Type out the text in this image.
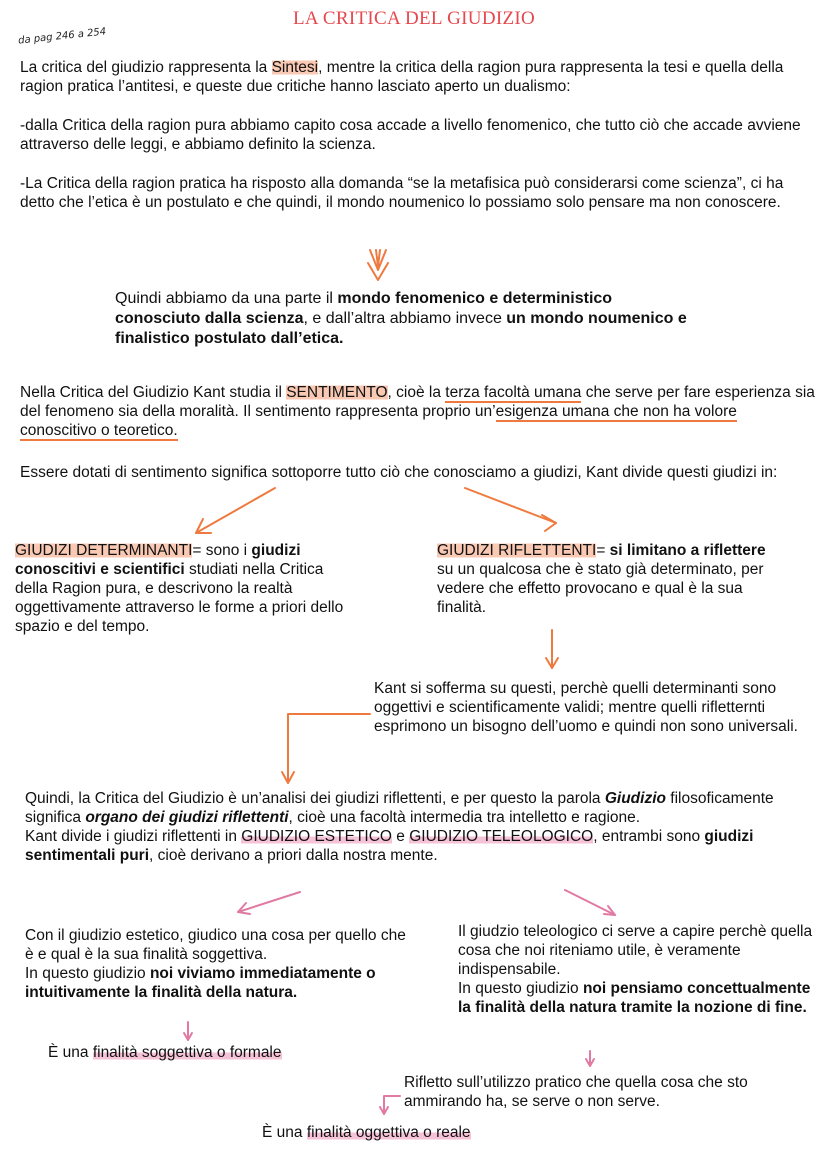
LA CRITICA DEL GIUDIZIO
da pag 246 a 254

La critica del giudizio rappresenta la Sintesi, mentre la critica della ragion pura rappresenta la tesi e quella della ragion pratica l’antitesi, e queste due critiche hanno lasciato aperto un dualismo:

-dalla Critica della ragion pura abbiamo capito cosa accade a livello fenomenico, che tutto ciò che accade avviene attraverso delle leggi, e abbiamo definito la scienza.

-La Critica della ragion pratica ha risposto alla domanda “se la metafisica può considerarsi come scienza”, ci ha detto che l’etica è un postulato e che quindi, il mondo noumenico lo possiamo solo pensare ma non conoscere.

Quindi abbiamo da una parte il mondo fenomenico e deterministico conosciuto dalla scienza, e dall’altra abbiamo invece un mondo noumenico e finalistico postulato dall’etica.
Nella Critica del Giudizio Kant studia il SENTIMENTO, cioè la terza facoltà umana che serve per fare esperienza sia del fenomeno sia della moralità. Il sentimento rappresenta proprio un’esigenza umana che non ha volore conoscitivo o teoretico.
Essere dotati di sentimento significa sottoporre tutto ciò che conosciamo a giudizi, Kant divide questi giudizi in:
GIUDIZI DETERMINANTI= sono i giudizi conoscitivi e scientifici studiati nella Critica della Ragion pura, e descrivono la realtà oggettivamente attraverso le forme a priori dello spazio e del tempo.
GIUDIZI RIFLETTENTI= si limitano a riflettere su un qualcosa che è stato già determinato, per vedere che effetto provocano e qual è la sua finalità.
Kant si sofferma su questi, perchè quelli determinanti sono oggettivi e scientificamente validi; mentre quelli rifletternti esprimono un bisogno dell’uomo e quindi non sono universali.
Quindi, la Critica del Giudizio è un’analisi dei giudizi riflettenti, e per questo la parola Giudizio filosoficamente significa organo dei giudizi riflettenti, cioè una facoltà intermedia tra intelletto e ragione.
Kant divide i giudizi riflettenti in GIUDIZIO ESTETICO e GIUDIZIO TELEOLOGICO, entrambi sono giudizi sentimentali puri, cioè derivano a priori dalla nostra mente.
Con il giudizio estetico, giudico una cosa per quello che è e qual è la sua finalità soggettiva.
In questo giudizio noi viviamo immediatamente o intuitivamente la finalità della natura.
È una finalità soggettiva o formale
Il giudzio teleologico ci serve a capire perchè quella cosa che noi riteniamo utile, è veramente indispensabile.
In questo giudizio noi pensiamo concettualmente la finalità della natura tramite la nozione di fine.
Rifletto sull’utilizzo pratico che quella cosa che sto ammirando ha, se serve o non serve.
È una finalità oggettiva o reale
